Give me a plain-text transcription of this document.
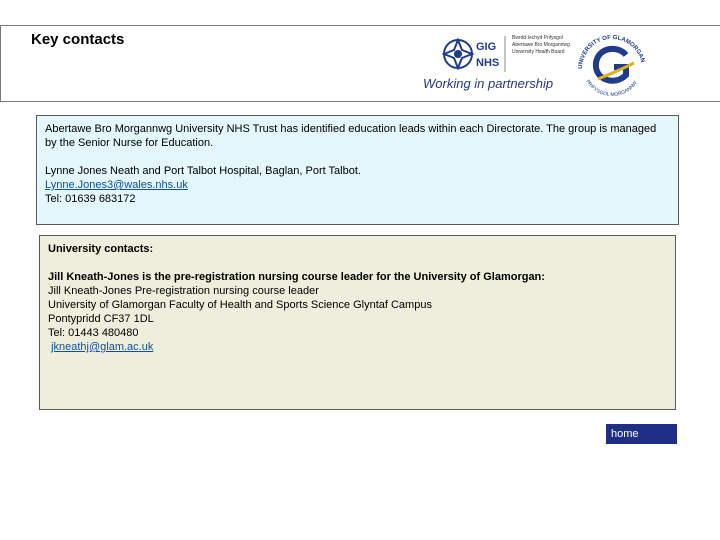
Key contacts	GIG
NHS
Bwrdd Iechyd Prifysgol
Abertawe Bro Morgannwg
University Health Board
Working in partnership
UNIVERSITY OF GLAMORGAN
PRIFYSGOL MORGANNW

Abertawe Bro Morgannwg University NHS Trust has identified education leads within each Directorate. The group is managed by the Senior Nurse for Education.

Lynne Jones Neath and Port Talbot Hospital, Baglan, Port Talbot.

Lynne.Jones3@wales.nhs.uk

Tel: 01639 683172

University contacts:

Jill Kneath-Jones is the pre-registration nursing course leader for the University of Glamorgan:

Jill Kneath-Jones Pre-registration nursing course leader

University of Glamorgan Faculty of Health and Sports Science Glyntaf Campus

Pontypridd CF37 1DL

Tel: 01443 480480

jkneathj@glam.ac.uk

home
